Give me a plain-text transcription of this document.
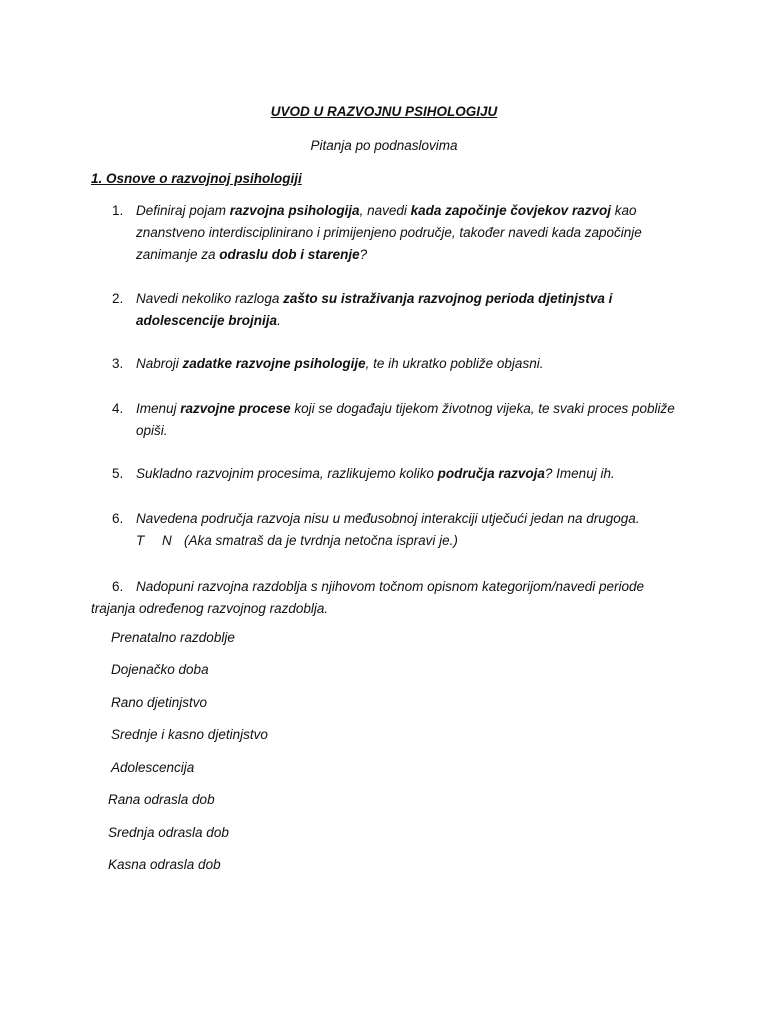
UVOD U RAZVOJNU PSIHOLOGIJU
Pitanja po podnaslovima
1. Osnove o razvojnoj psihologiji
1. Definiraj pojam razvojna psihologija, navedi kada započinje čovjekov razvoj kao znanstveno interdisciplinirano i primijenjeno područje, također navedi kada započinje zanimanje za odraslu dob i starenje?
2. Navedi nekoliko razloga zašto su istraživanja razvojnog perioda djetinjstva i adolescencije brojnija.
3. Nabroji zadatke razvojne psihologije, te ih ukratko pobliže objasni.
4. Imenuj razvojne procese koji se događaju tijekom životnog vijeka, te svaki proces pobliže opiši.
5. Sukladno razvojnim procesima, razlikujemo koliko područja razvoja? Imenuj ih.
6. Navedena područja razvoja nisu u međusobnoj interakciji utječući jedan na drugoga.
T N (Aka smatraš da je tvrdnja netočna ispravi je.)
6. Nadopuni razvojna razdoblja s njihovom točnom opisnom kategorijom/navedi periode trajanja određenog razvojnog razdoblja.
Prenatalno razdoblje
Dojenačko doba
Rano djetinjstvo
Srednje i kasno djetinjstvo
Adolescencija
Rana odrasla dob
Srednja odrasla dob
Kasna odrasla dob
